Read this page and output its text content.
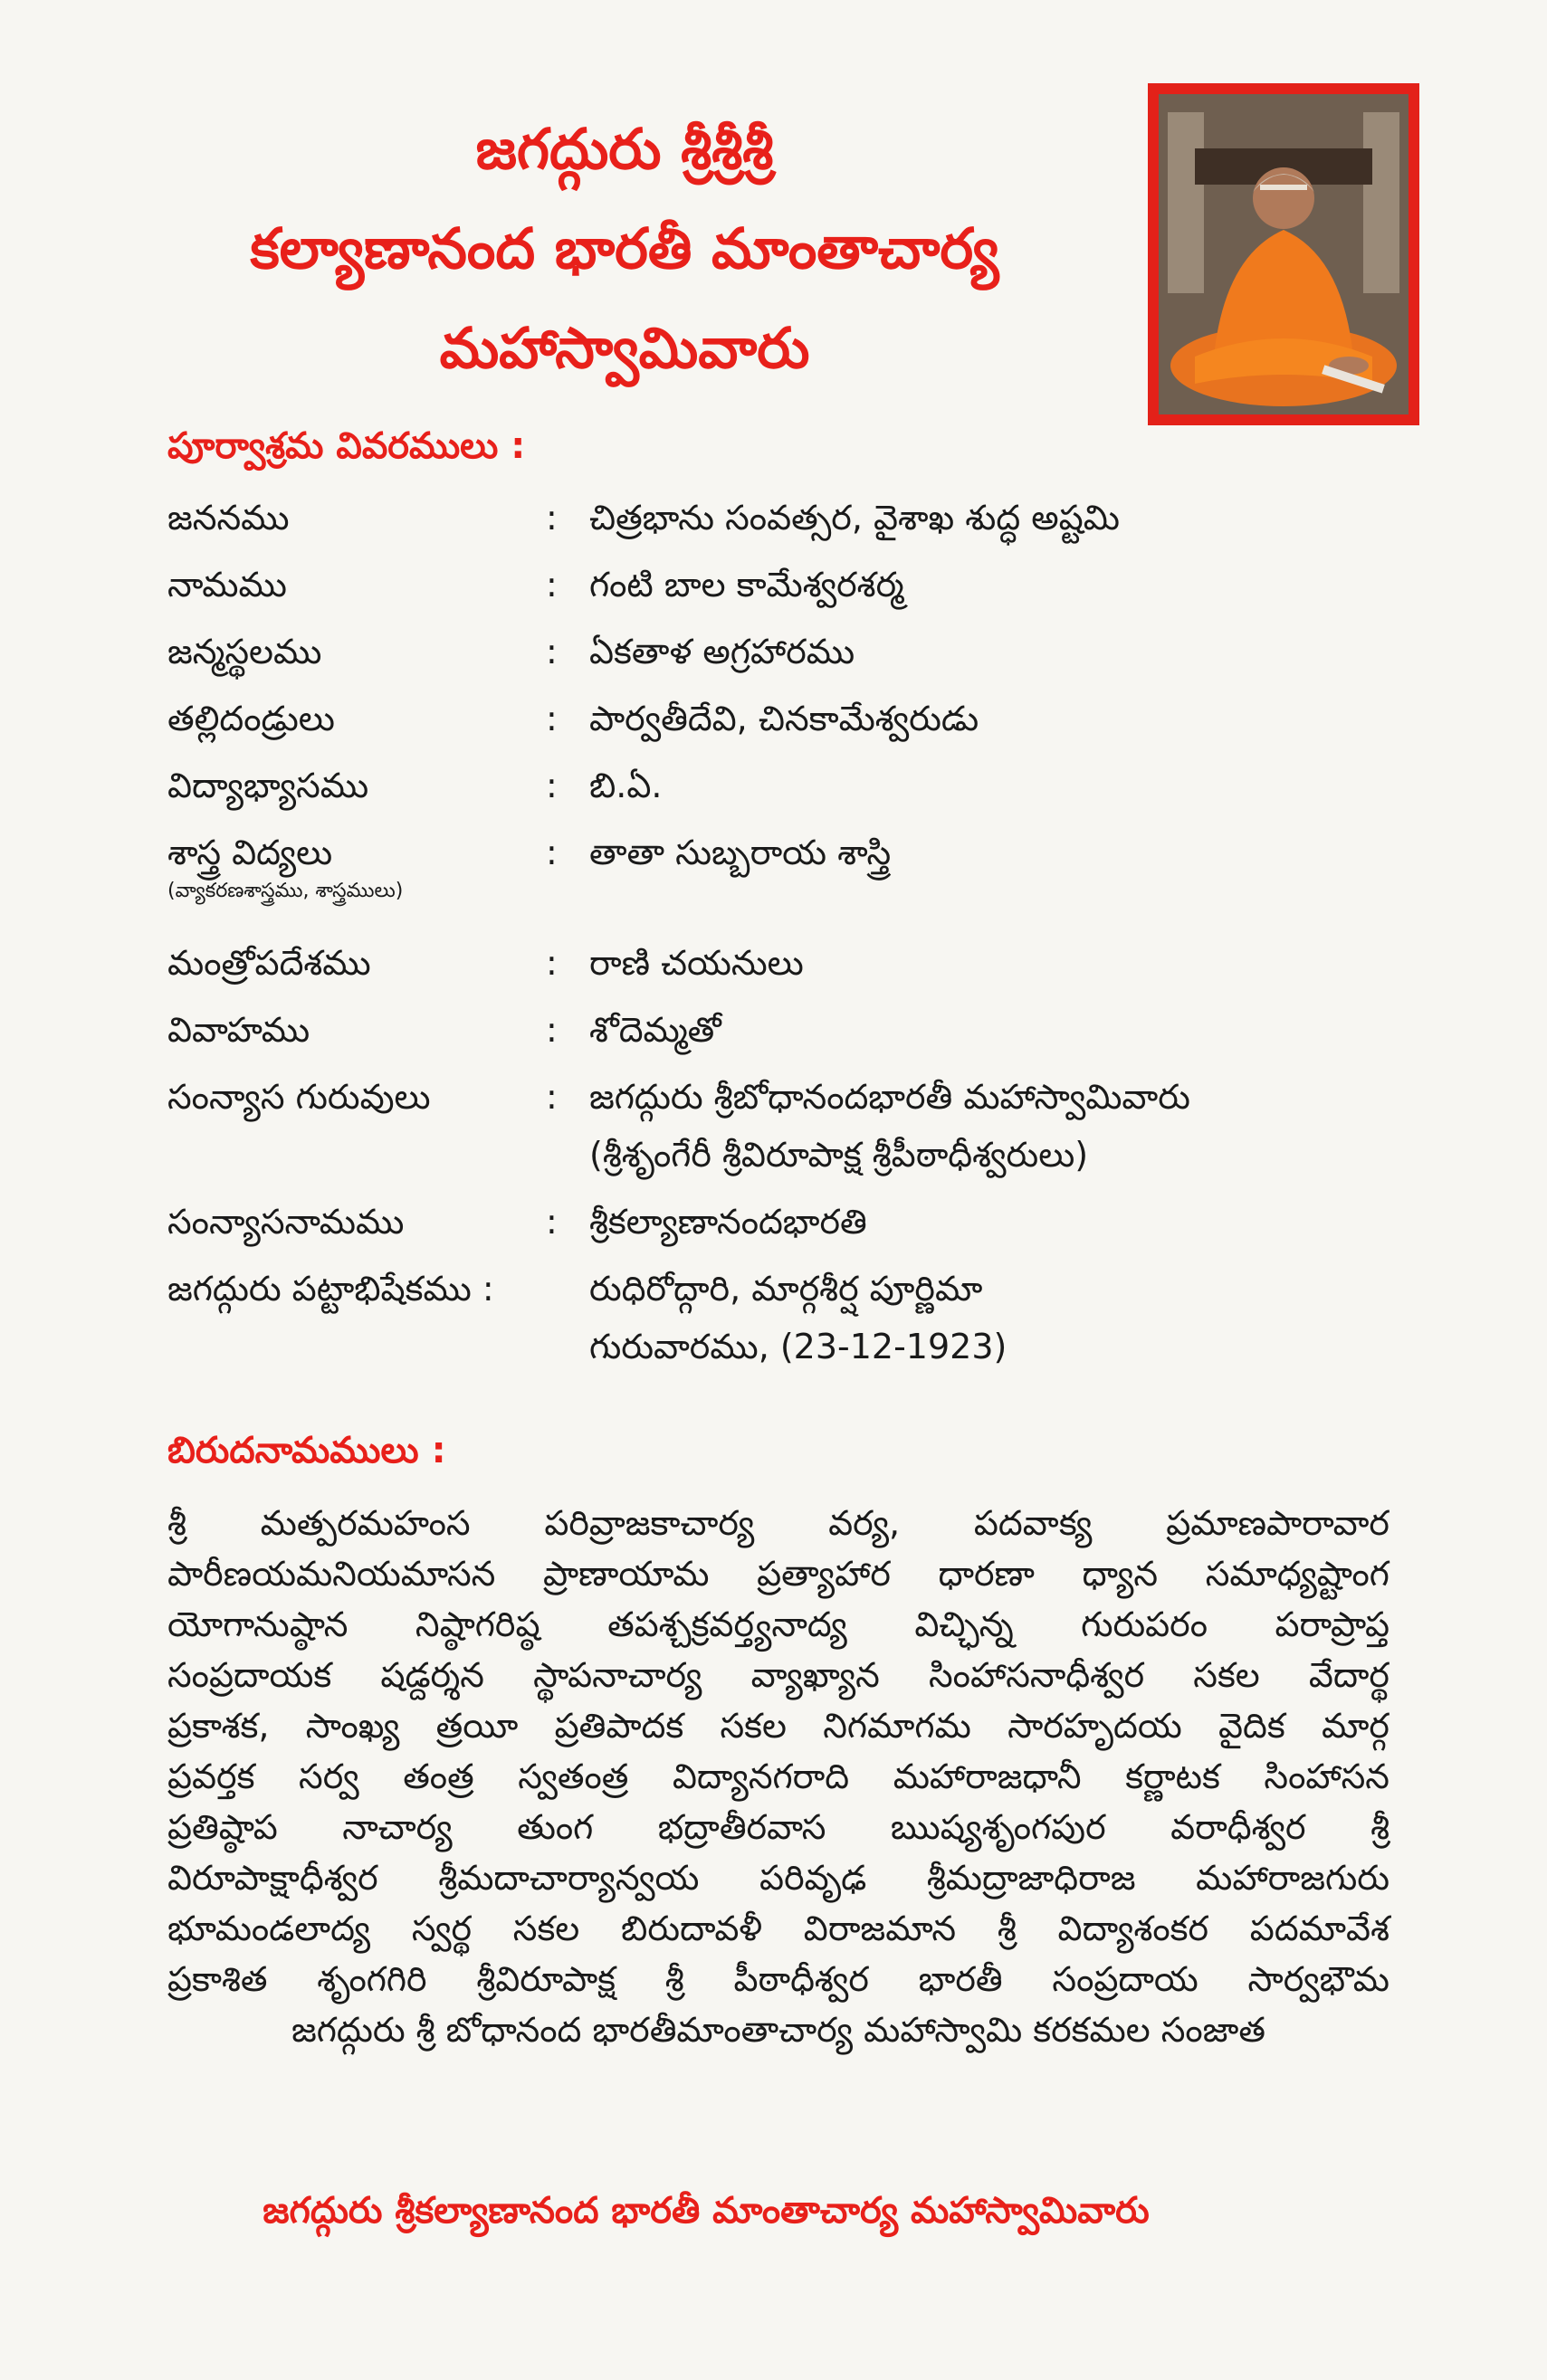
జగద్గురు శ్రీశ్రీశ్రీ
కల్యాణానంద భారతీ మాంతాచార్య
మహాస్వామివారు
పూర్వాశ్రమ వివరములు :
జననము	: చిత్రభాను సంవత్సర, వైశాఖ శుద్ధ అష్టమి
నామము	: గంటి బాల కామేశ్వరశర్మ
జన్మస్థలము	: ఏకతాళ అగ్రహారము
తల్లిదండ్రులు	: పార్వతీదేవి, చినకామేశ్వరుడు
విద్యాభ్యాసము	: బి.ఏ.
శాస్త్ర విద్యలు	: తాతా సుబ్బరాయ శాస్త్రి
(వ్యాకరణశాస్త్రము, శాస్త్రములు)
మంత్రోపదేశము	: రాణి చయనులు
వివాహము	: శోదెమ్మతో
సంన్యాస గురువులు	: జగద్గురు శ్రీబోధానందభారతీ మహాస్వామివారు
(శ్రీశృంగేరీ శ్రీవిరూపాక్ష శ్రీపీఠాధీశ్వరులు)
సంన్యాసనామము	: శ్రీకల్యాణానందభారతి
జగద్గురు పట్టాభిషేకము :	రుధిరోద్గారి, మార్గశీర్ష పూర్ణిమా
గురువారము, (23-12-1923)
బిరుదనామములు :
శ్రీ మత్పరమహంస పరివ్రాజకాచార్య వర్య, పదవాక్య ప్రమాణపారావార
పారీణయమనియమాసన ప్రాణాయామ ప్రత్యాహార ధారణా ధ్యాన సమాధ్యష్టాంగ
యోగానుష్ఠాన నిష్ఠాగరిష్ఠ తపశ్చక్రవర్త్యనాద్య విచ్ఛిన్న గురుపరం పరాప్రాప్త
సంప్రదాయక షడ్దర్శన స్థాపనాచార్య వ్యాఖ్యాన సింహాసనాధీశ్వర సకల వేదార్థ
ప్రకాశక, సాంఖ్య త్రయీ ప్రతిపాదక సకల నిగమాగమ సారహృదయ వైదిక మార్గ
ప్రవర్తక సర్వ తంత్ర స్వతంత్ర విద్యానగరాది మహారాజధానీ కర్ణాటక సింహాసన
ప్రతిష్ఠాప నాచార్య తుంగ భద్రాతీరవాస ఋష్యశృంగపుర వరాధీశ్వర శ్రీ
విరూపాక్షాధీశ్వర శ్రీమదాచార్యాన్వయ పరివృఢ శ్రీమద్రాజాధిరాజ మహారాజగురు
భూమండలాద్య స్వర్థ సకల బిరుదావళీ విరాజమాన శ్రీ విద్యాశంకర పదమావేశ
ప్రకాశిత శృంగగిరి శ్రీవిరూపాక్ష శ్రీ పీఠాధీశ్వర భారతీ సంప్రదాయ సార్వభౌమ
జగద్గురు శ్రీ బోధానంద భారతీమాంతాచార్య మహాస్వామి కరకమల సంజాత
జగద్గురు శ్రీకల్యాణానంద భారతీ మాంతాచార్య మహాస్వామివారు
